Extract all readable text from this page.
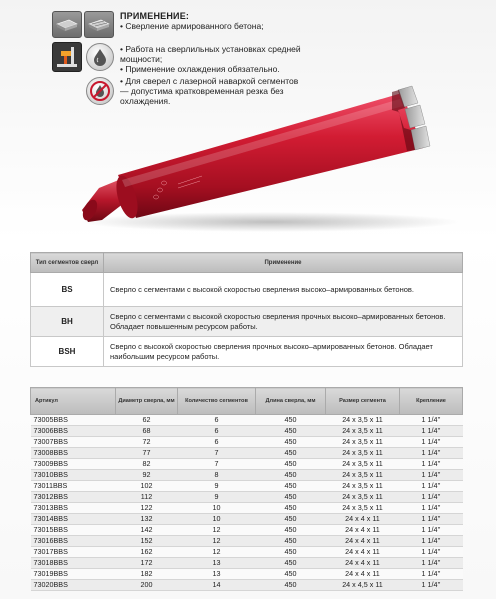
ПРИМЕНЕНИЕ:
• Сверление армированного бетона;
• Работа на сверлильных установках средней мощности;
• Применение охлаждения обязательно.
• Для сверел с лазерной наваркой сегментов — допустима кратковременная резка без охлаждения.
Тип сегментов сверл	Применение
BS	Сверло с сегментами с высокой скоростью сверления высоко–армированных бетонов.
BH	Сверло с сегментами с высокой скоростью сверления прочных высоко–армированных бетонов. Обладает повышенным ресурсом работы.
BSH	Сверло с высокой скоростью сверления прочных высоко–армированных бетонов. Обладает наибольшим ресурсом работы.
Артикул	Диаметр сверла, мм	Количество сегментов	Длина сверла, мм	Размер сегмента	Крепление
73005BBS	62	6	450	24 x 3,5 x 11	1 1/4’’
73006BBS	68	6	450	24 x 3,5 x 11	1 1/4’’
73007BBS	72	6	450	24 x 3,5 x 11	1 1/4’’
73008BBS	77	7	450	24 x 3,5 x 11	1 1/4’’
73009BBS	82	7	450	24 x 3,5 x 11	1 1/4’’
73010BBS	92	8	450	24 x 3,5 x 11	1 1/4’’
73011BBS	102	9	450	24 x 3,5 x 11	1 1/4’’
73012BBS	112	9	450	24 x 3,5 x 11	1 1/4’’
73013BBS	122	10	450	24 x 3,5 x 11	1 1/4’’
73014BBS	132	10	450	24 x 4 x 11	1 1/4’’
73015BBS	142	12	450	24 x 4 x 11	1 1/4’’
73016BBS	152	12	450	24 x 4 x 11	1 1/4’’
73017BBS	162	12	450	24 x 4 x 11	1 1/4’’
73018BBS	172	13	450	24 x 4 x 11	1 1/4’’
73019BBS	182	13	450	24 x 4 x 11	1 1/4’’
73020BBS	200	14	450	24 x 4,5 x 11	1 1/4’’
